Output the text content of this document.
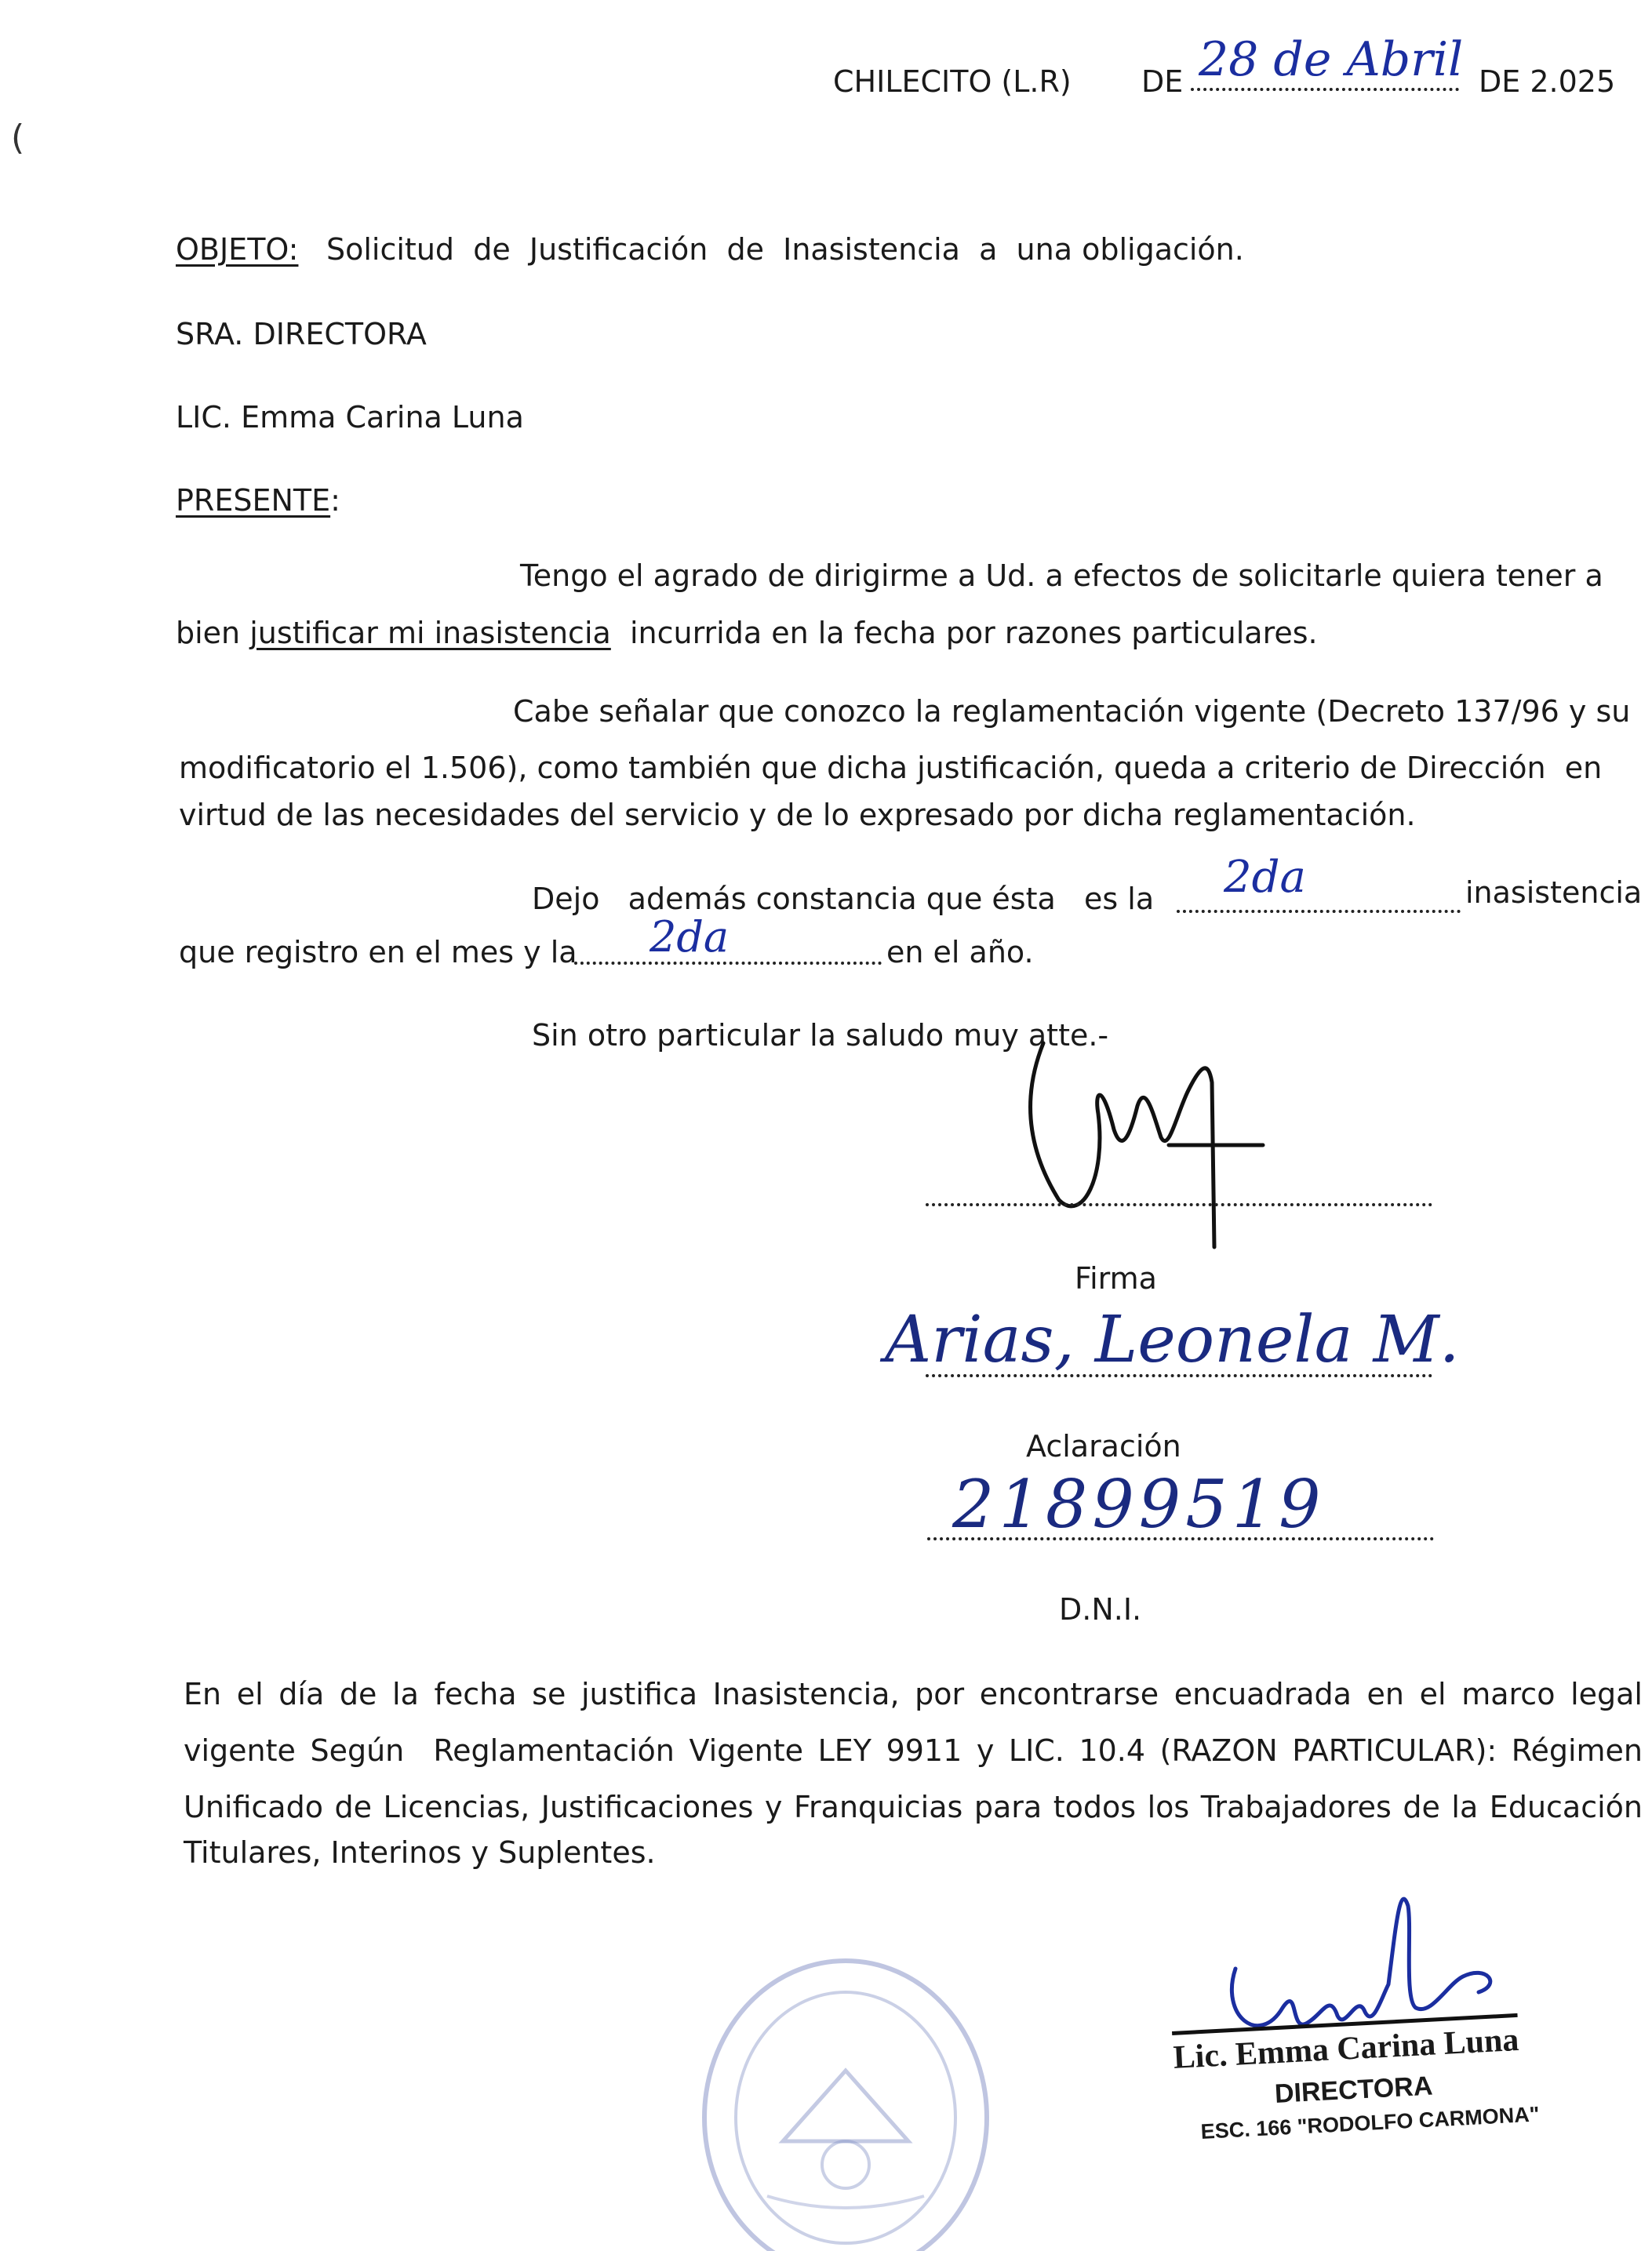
(
CHILECITO (L.R) DE 28 de Abril DE 2.025
OBJETO: Solicitud  de  Justificación  de  Inasistencia  a  una obligación.
SRA. DIRECTORA
LIC. Emma Carina Luna
PRESENTE:
Tengo el agrado de dirigirme a Ud. a efectos de solicitarle quiera tener a
bien justificar mi inasistencia incurrida en la fecha por razones particulares.
Cabe señalar que conozco la reglamentación vigente (Decreto 137/96 y su
modificatorio el 1.506), como también que dicha justificación, queda a criterio de Dirección  en
virtud de las necesidades del servicio y de lo expresado por dicha reglamentación.
Dejo   además constancia que ésta   es la 2da	inasistencia
que registro en el mes y la 2da	en el año.
Sin otro particular la saludo muy atte.-
Firma
Arias, Leonela M.
Aclaración
21899519
D.N.I.
En el día de la fecha se justifica Inasistencia, por encontrarse encuadrada en el marco legal
vigente Según  Reglamentación Vigente LEY 9911 y LIC. 10.4 (RAZON PARTICULAR): Régimen
Unificado de Licencias, Justificaciones y Franquicias para todos los Trabajadores de la Educación
Titulares, Interinos y Suplentes.
Lic. Emma Carina Luna
DIRECTORA
ESC. 166 "RODOLFO CARMONA"
